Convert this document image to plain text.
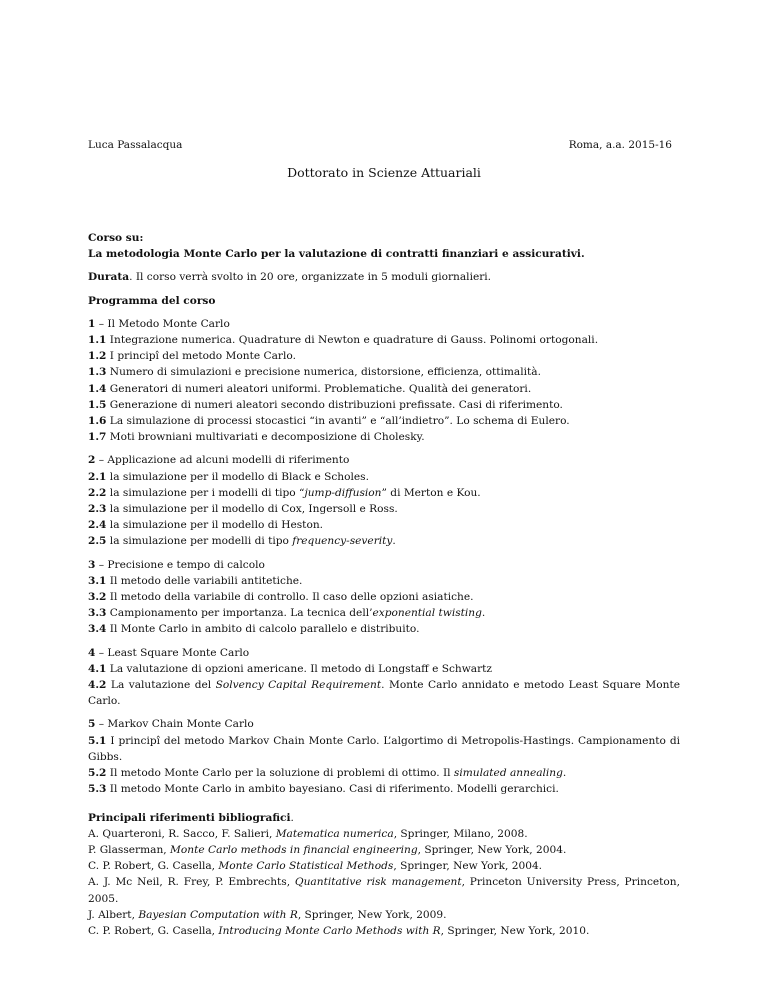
Luca Passalacqua	Roma, a.a. 2015-16
Dottorato in Scienze Attuariali

Corso su:

La metodologia Monte Carlo per la valutazione di contratti finanziari e assicurativi.

Durata. Il corso verrà svolto in 20 ore, organizzate in 5 moduli giornalieri.

Programma del corso

1 – Il Metodo Monte Carlo

1.1 Integrazione numerica. Quadrature di Newton e quadrature di Gauss. Polinomi ortogonali.

1.2 I principî del metodo Monte Carlo.

1.3 Numero di simulazioni e precisione numerica, distorsione, efficienza, ottimalità.

1.4 Generatori di numeri aleatori uniformi. Problematiche. Qualità dei generatori.

1.5 Generazione di numeri aleatori secondo distribuzioni prefissate. Casi di riferimento.

1.6 La simulazione di processi stocastici “in avanti” e “all’indietro”. Lo schema di Eulero.

1.7 Moti browniani multivariati e decomposizione di Cholesky.

2 – Applicazione ad alcuni modelli di riferimento

2.1 la simulazione per il modello di Black e Scholes.

2.2 la simulazione per i modelli di tipo “jump-diffusion” di Merton e Kou.

2.3 la simulazione per il modello di Cox, Ingersoll e Ross.

2.4 la simulazione per il modello di Heston.

2.5 la simulazione per modelli di tipo frequency-severity.

3 – Precisione e tempo di calcolo

3.1 Il metodo delle variabili antitetiche.

3.2 Il metodo della variabile di controllo. Il caso delle opzioni asiatiche.

3.3 Campionamento per importanza. La tecnica dell’exponential twisting.

3.4 Il Monte Carlo in ambito di calcolo parallelo e distribuito.

4 – Least Square Monte Carlo

4.1 La valutazione di opzioni americane. Il metodo di Longstaff e Schwartz

4.2 La valutazione del Solvency Capital Requirement. Monte Carlo annidato e metodo Least Square Monte Carlo.

5 – Markov Chain Monte Carlo

5.1 I principî del metodo Markov Chain Monte Carlo. L’algortimo di Metropolis-Hastings. Campionamento di Gibbs.

5.2 Il metodo Monte Carlo per la soluzione di problemi di ottimo. Il simulated annealing.

5.3 Il metodo Monte Carlo in ambito bayesiano. Casi di riferimento. Modelli gerarchici.

Principali riferimenti bibliografici.

A. Quarteroni, R. Sacco, F. Salieri, Matematica numerica, Springer, Milano, 2008.

P. Glasserman, Monte Carlo methods in financial engineering, Springer, New York, 2004.

C. P. Robert, G. Casella, Monte Carlo Statistical Methods, Springer, New York, 2004.

A. J. Mc Neil, R. Frey, P. Embrechts, Quantitative risk management, Princeton University Press, Princeton, 2005.

J. Albert, Bayesian Computation with R, Springer, New York, 2009.

C. P. Robert, G. Casella, Introducing Monte Carlo Methods with R, Springer, New York, 2010.
